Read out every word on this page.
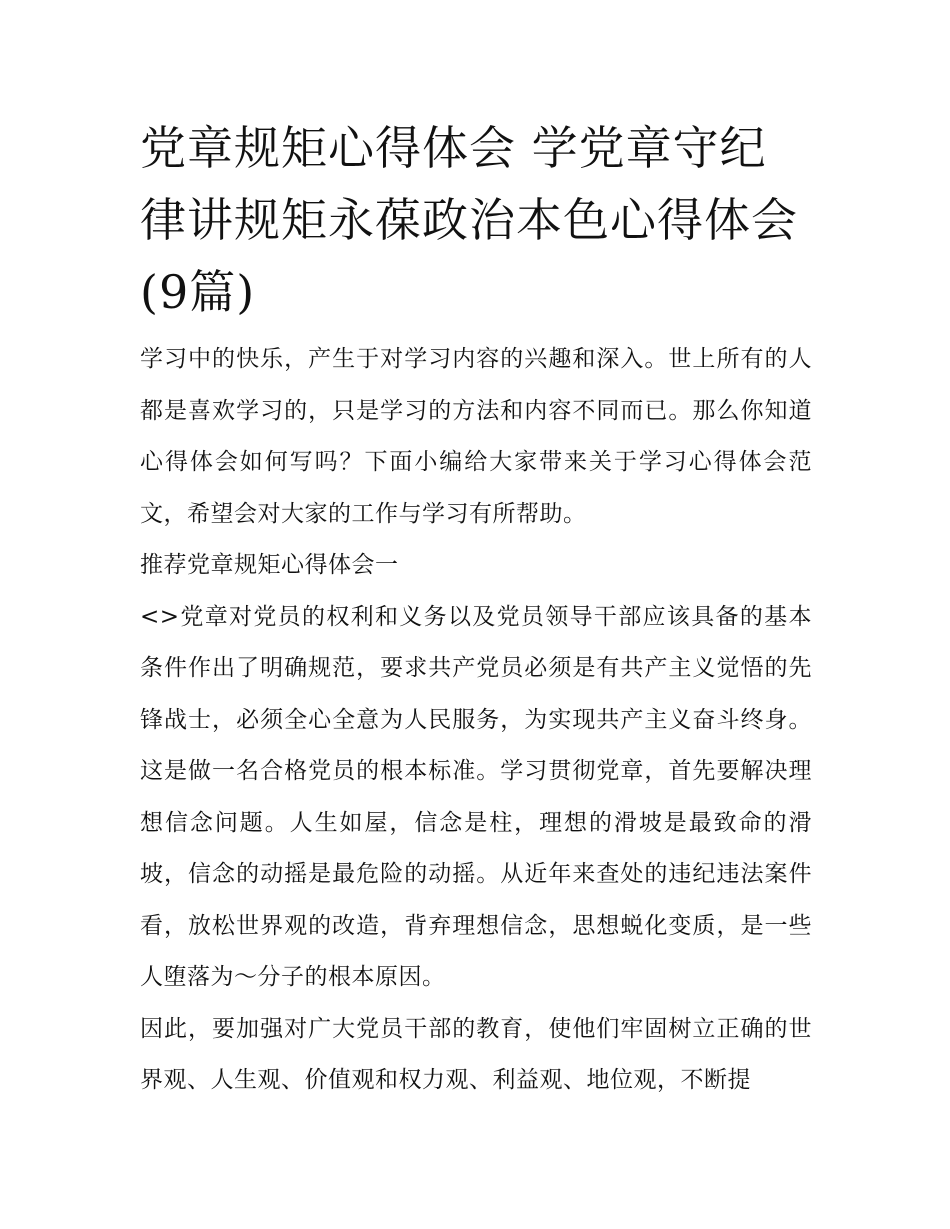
党章规矩心得体会 学党章守纪律讲规矩永葆政治本色心得体会(9篇)

学习中的快乐，产生于对学习内容的兴趣和深入。世上所有的人都是喜欢学习的，只是学习的方法和内容不同而已。那么你知道心得体会如何写吗？下面小编给大家带来关于学习心得体会范文，希望会对大家的工作与学习有所帮助。

推荐党章规矩心得体会一

<>党章对党员的权利和义务以及党员领导干部应该具备的基本条件作出了明确规范，要求共产党员必须是有共产主义觉悟的先锋战士，必须全心全意为人民服务，为实现共产主义奋斗终身。这是做一名合格党员的根本标准。学习贯彻党章，首先要解决理想信念问题。人生如屋，信念是柱，理想的滑坡是最致命的滑坡，信念的动摇是最危险的动摇。从近年来查处的违纪违法案件看，放松世界观的改造，背弃理想信念，思想蜕化变质，是一些人堕落为～分子的根本原因。

因此，要加强对广大党员干部的教育，使他们牢固树立正确的世界观、人生观、价值观和权力观、利益观、地位观，不断提
